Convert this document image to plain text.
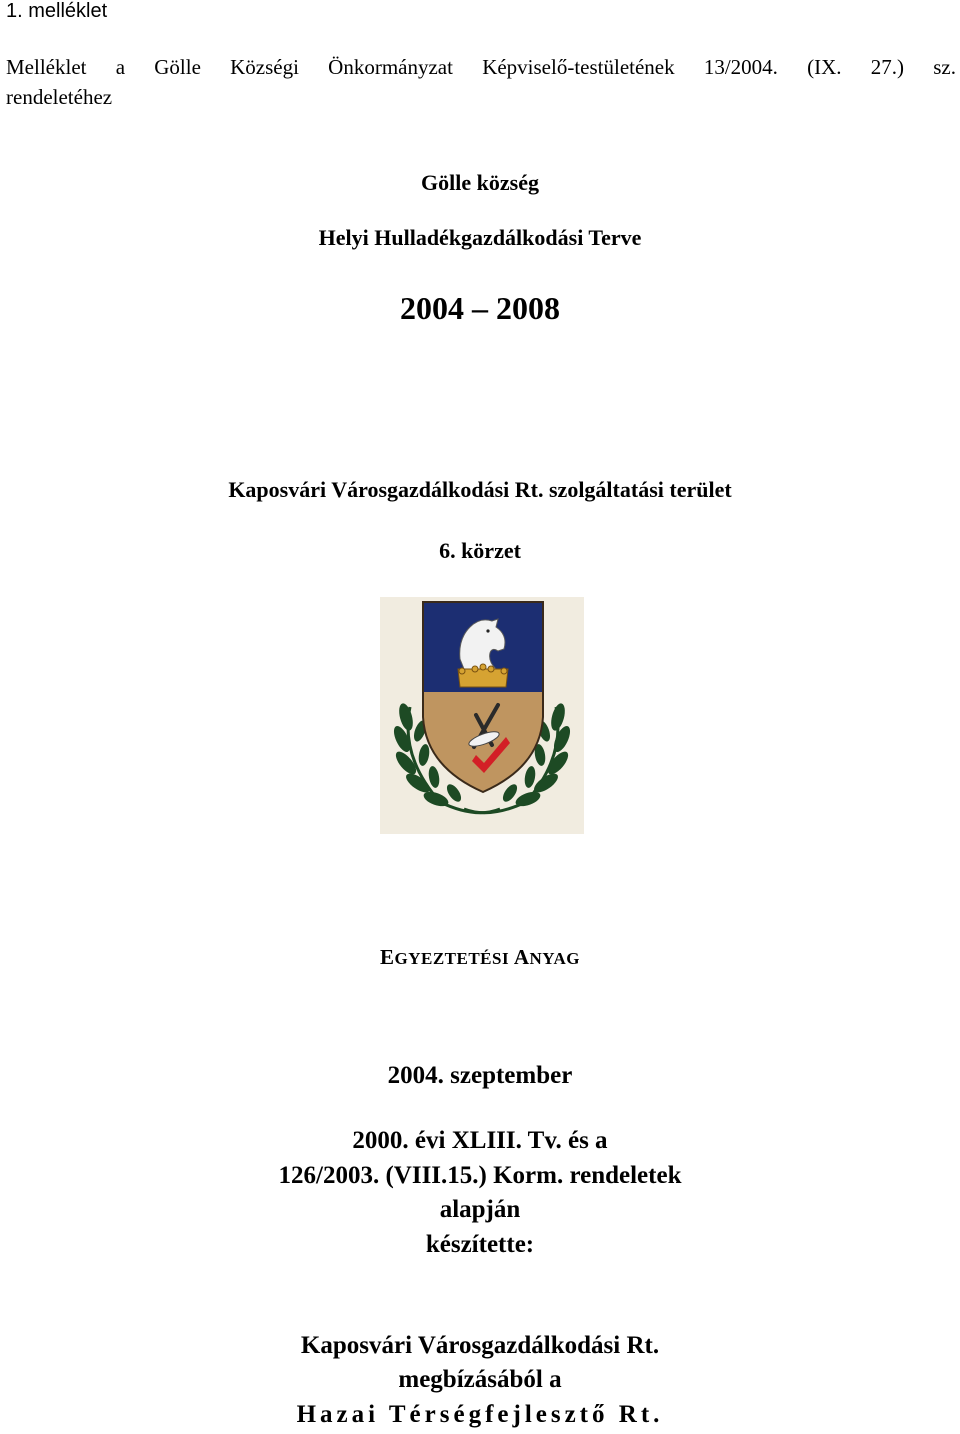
1. melléklet
Melléklet a Gölle Községi Önkormányzat Képviselő-testületének 13/2004. (IX. 27.) sz.
rendeletéhez
Gölle község
Helyi Hulladékgazdálkodási Terve
2004 – 2008
Kaposvári Városgazdálkodási Rt. szolgáltatási terület
6. körzet
EGYEZTETÉSI ANYAG
2004. szeptember
2000. évi XLIII. Tv. és a
126/2003. (VIII.15.) Korm. rendeletek
alapján
készítette:
Kaposvári Városgazdálkodási Rt.
megbízásából a
Hazai Térségfejlesztő Rt.
